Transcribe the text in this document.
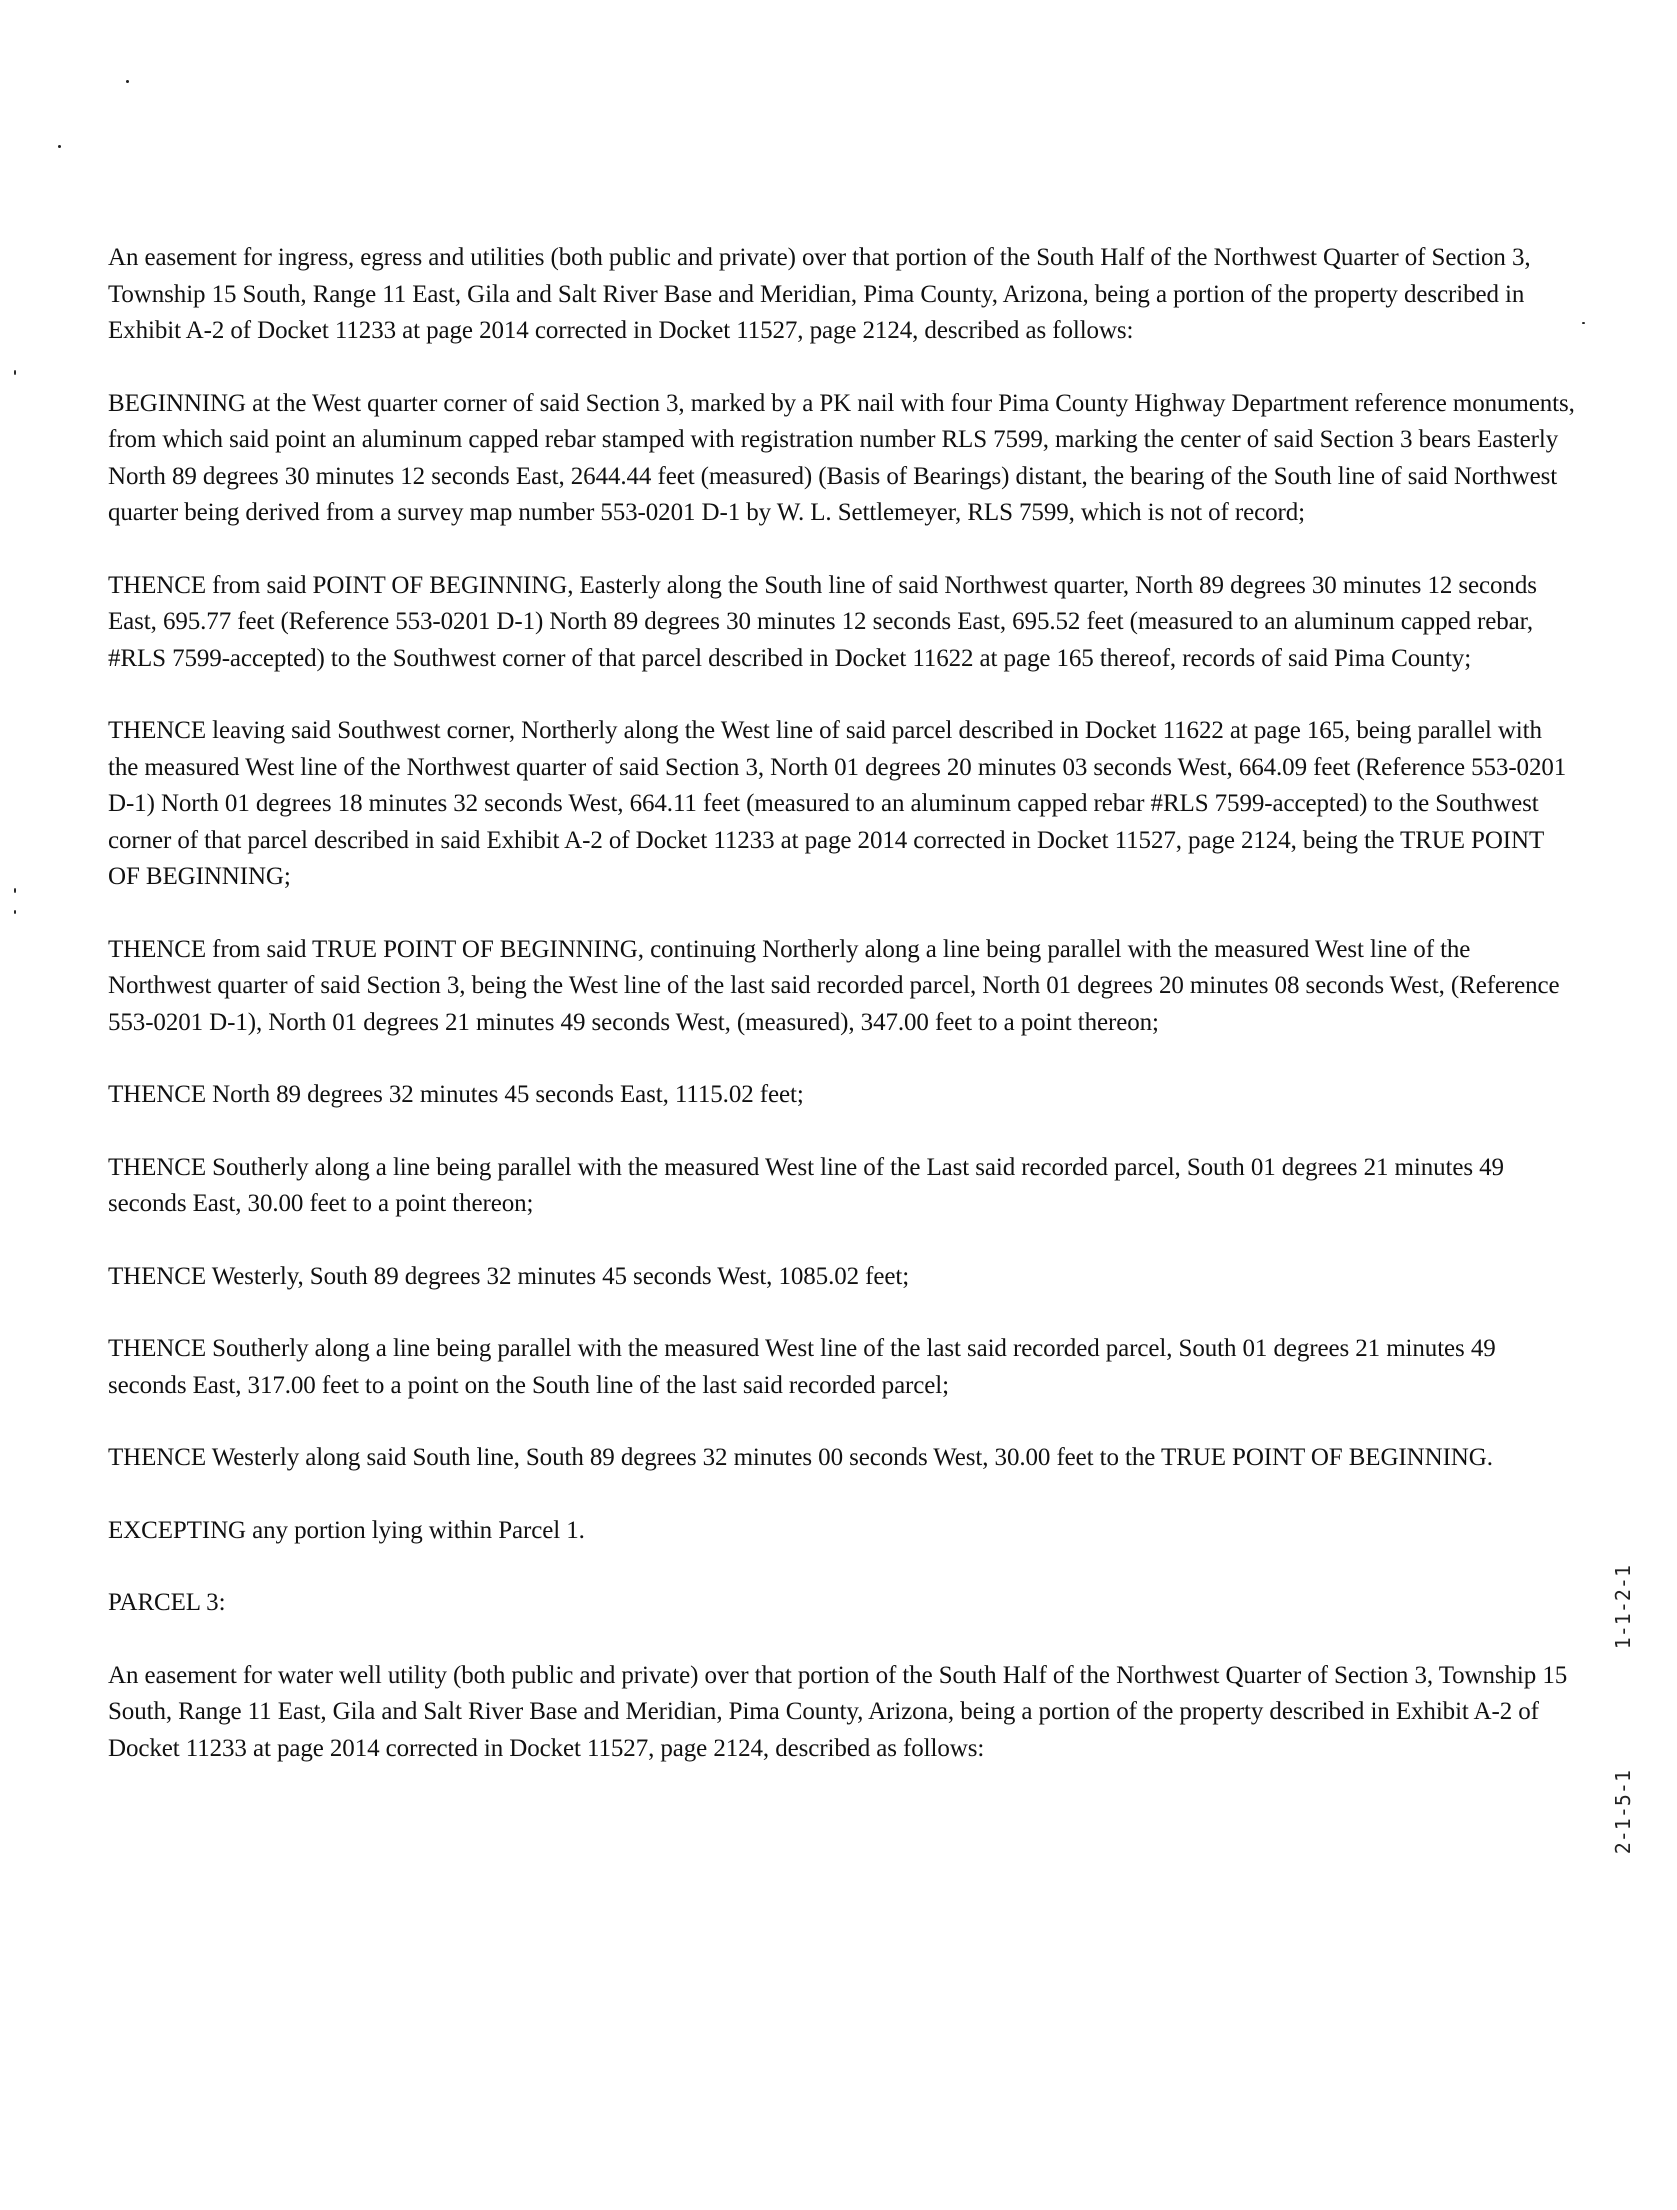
An easement for ingress, egress and utilities (both public and private) over that portion of the South Half of the Northwest Quarter of Section 3, Township 15 South, Range 11 East, Gila and Salt River Base and Meridian, Pima County, Arizona, being a portion of the property described in Exhibit A-2 of Docket 11233 at page 2014 corrected in Docket 11527, page 2124, described as follows:

BEGINNING at the West quarter corner of said Section 3, marked by a PK nail with four Pima County Highway Department reference monuments, from which said point an aluminum capped rebar stamped with registration number RLS 7599, marking the center of said Section 3 bears Easterly North 89 degrees 30 minutes 12 seconds East, 2644.44 feet (measured) (Basis of Bearings) distant, the bearing of the South line of said Northwest quarter being derived from a survey map number 553-0201 D-1 by W. L. Settlemeyer, RLS 7599, which is not of record;

THENCE from said POINT OF BEGINNING, Easterly along the South line of said Northwest quarter, North 89 degrees 30 minutes 12 seconds East, 695.77 feet (Reference 553-0201 D-1) North 89 degrees 30 minutes 12 seconds East, 695.52 feet (measured to an aluminum capped rebar, #RLS 7599-accepted) to the Southwest corner of that parcel described in Docket 11622 at page 165 thereof, records of said Pima County;

THENCE leaving said Southwest corner, Northerly along the West line of said parcel described in Docket 11622 at page 165, being parallel with the measured West line of the Northwest quarter of said Section 3, North 01 degrees 20 minutes 03 seconds West, 664.09 feet (Reference 553-0201 D-1) North 01 degrees 18 minutes 32 seconds West, 664.11 feet (measured to an aluminum capped rebar #RLS 7599-accepted) to the Southwest corner of that parcel described in said Exhibit A-2 of Docket 11233 at page 2014 corrected in Docket 11527, page 2124, being the TRUE POINT OF BEGINNING;

THENCE from said TRUE POINT OF BEGINNING, continuing Northerly along a line being parallel with the measured West line of the Northwest quarter of said Section 3, being the West line of the last said recorded parcel, North 01 degrees 20 minutes 08 seconds West, (Reference 553-0201 D-1), North 01 degrees 21 minutes 49 seconds West, (measured), 347.00 feet to a point thereon;

THENCE North 89 degrees 32 minutes 45 seconds East, 1115.02 feet;

THENCE Southerly along a line being parallel with the measured West line of the Last said recorded parcel, South 01 degrees 21 minutes 49 seconds East, 30.00 feet to a point thereon;

THENCE Westerly, South 89 degrees 32 minutes 45 seconds West, 1085.02 feet;

THENCE Southerly along a line being parallel with the measured West line of the last said recorded parcel, South 01 degrees 21 minutes 49 seconds East, 317.00 feet to a point on the South line of the last said recorded parcel;

THENCE Westerly along said South line, South 89 degrees 32 minutes 00 seconds West, 30.00 feet to the TRUE POINT OF BEGINNING.

EXCEPTING any portion lying within Parcel 1.

PARCEL 3:

An easement for water well utility (both public and private) over that portion of the South Half of the Northwest Quarter of Section 3, Township 15 South, Range 11 East, Gila and Salt River Base and Meridian, Pima County, Arizona, being a portion of the property described in Exhibit A-2 of Docket 11233 at page 2014 corrected in Docket 11527, page 2124, described as follows:

1-1-2-1
2-1-5-1
